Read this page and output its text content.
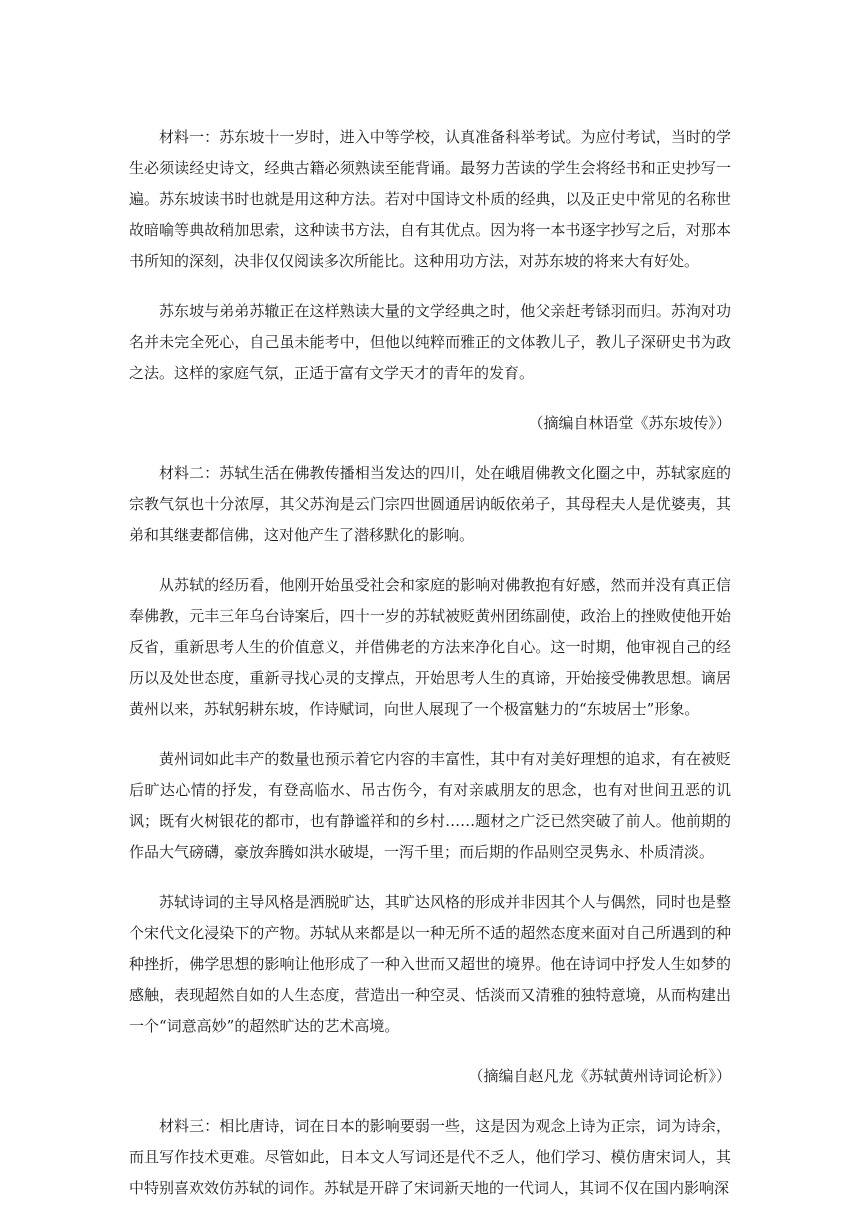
材料一：苏东坡十一岁时，进入中等学校，认真准备科举考试。为应付考试，当时的学生必须读经史诗文，经典古籍必须熟读至能背诵。最努力苦读的学生会将经书和正史抄写一遍。苏东坡读书时也就是用这种方法。若对中国诗文朴质的经典，以及正史中常见的名称世故暗喻等典故稍加思索，这种读书方法，自有其优点。因为将一本书逐字抄写之后，对那本书所知的深刻，决非仅仅阅读多次所能比。这种用功方法，对苏东坡的将来大有好处。

苏东坡与弟弟苏辙正在这样熟读大量的文学经典之时，他父亲赶考铩羽而归。苏洵对功名并未完全死心，自己虽未能考中，但他以纯粹而雅正的文体教儿子，教儿子深研史书为政之法。这样的家庭气氛，正适于富有文学天才的青年的发育。

（摘编自林语堂《苏东坡传》）

材料二：苏轼生活在佛教传播相当发达的四川，处在峨眉佛教文化圈之中，苏轼家庭的宗教气氛也十分浓厚，其父苏洵是云门宗四世圆通居讷皈依弟子，其母程夫人是优婆夷，其弟和其继妻都信佛，这对他产生了潜移默化的影响。

从苏轼的经历看，他刚开始虽受社会和家庭的影响对佛教抱有好感，然而并没有真正信奉佛教，元丰三年乌台诗案后，四十一岁的苏轼被贬黄州团练副使，政治上的挫败使他开始反省，重新思考人生的价值意义，并借佛老的方法来净化自心。这一时期，他审视自己的经历以及处世态度，重新寻找心灵的支撑点，开始思考人生的真谛，开始接受佛教思想。谪居黄州以来，苏轼躬耕东坡，作诗赋词，向世人展现了一个极富魅力的“东坡居士”形象。

黄州词如此丰产的数量也预示着它内容的丰富性，其中有对美好理想的追求，有在被贬后旷达心情的抒发，有登高临水、吊古伤今，有对亲戚朋友的思念，也有对世间丑恶的讥讽；既有火树银花的都市，也有静谧祥和的乡村……题材之广泛已然突破了前人。他前期的作品大气磅礴，豪放奔腾如洪水破堤，一泻千里；而后期的作品则空灵隽永、朴质清淡。

苏轼诗词的主导风格是洒脱旷达，其旷达风格的形成并非因其个人与偶然，同时也是整个宋代文化浸染下的产物。苏轼从来都是以一种无所不适的超然态度来面对自己所遇到的种种挫折，佛学思想的影响让他形成了一种入世而又超世的境界。他在诗词中抒发人生如梦的感触，表现超然自如的人生态度，营造出一种空灵、恬淡而又清雅的独特意境，从而构建出一个“词意高妙”的超然旷达的艺术高境。

（摘编自赵凡龙《苏轼黄州诗词论析》）

材料三：相比唐诗，词在日本的影响要弱一些，这是因为观念上诗为正宗，词为诗余，而且写作技术更难。尽管如此，日本文人写词还是代不乏人，他们学习、模仿唐宋词人，其中特别喜欢效仿苏轼的词作。苏轼是开辟了宋词新天地的一代词人，其词不仅在国内影响深
